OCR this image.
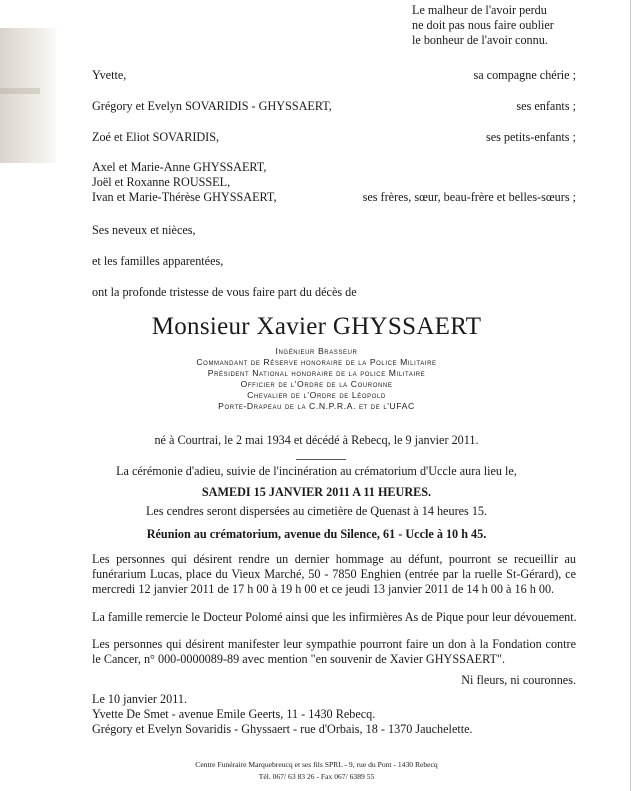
Le malheur de l'avoir perdu
ne doit pas nous faire oublier
le bonheur de l'avoir connu.
Yvette,	sa compagne chérie ;
Grégory et Evelyn SOVARIDIS - GHYSSAERT,	ses enfants ;
Zoé et Eliot SOVARIDIS,	ses petits-enfants ;
Axel et Marie-Anne GHYSSAERT,
Joël et Roxanne ROUSSEL,
Ivan et Marie-Thérèse GHYSSAERT,	ses frères, sœur, beau-frère et belles-sœurs ;
Ses neveux et nièces,
et les familles apparentées,
ont la profonde tristesse de vous faire part du décès de
Monsieur Xavier GHYSSAERT
Ingénieur Brasseur
Commandant de Réserve honoraire de la Police Militaire
Président National honoraire de la police Militaire
Officier de l'Ordre de la Couronne
Chevalier de l'Ordre de Léopold
Porte-Drapeau de la C.N.P.R.A. et de l'UFAC
né à Courtrai, le 2 mai 1934 et décédé à Rebecq, le 9 janvier 2011.
La cérémonie d'adieu, suivie de l'incinération au crématorium d'Uccle aura lieu le,
SAMEDI 15 JANVIER 2011 A 11 HEURES.
Les cendres seront dispersées au cimetière de Quenast à 14 heures 15.
Réunion au crématorium, avenue du Silence, 61 - Uccle à 10 h 45.
Les personnes qui désirent rendre un dernier hommage au défunt, pourront se recueillir au funérarium Lucas, place du Vieux Marché, 50 - 7850 Enghien (entrée par la ruelle St-Gérard), ce mercredi 12 janvier 2011 de 17 h 00 à 19 h 00 et ce jeudi 13 janvier 2011 de 14 h 00 à 16 h 00.
La famille remercie le Docteur Polomé ainsi que les infirmières As de Pique pour leur dévouement.
Les personnes qui désirent manifester leur sympathie pourront faire un don à la Fondation contre le Cancer, n° 000-0000089-89 avec mention "en souvenir de Xavier GHYSSAERT".
Ni fleurs, ni couronnes.
Le 10 janvier 2011.
Yvette De Smet - avenue Emile Geerts, 11 - 1430 Rebecq.
Grégory et Evelyn Sovaridis - Ghyssaert - rue d'Orbais, 18 - 1370 Jauchelette.
Centre Funéraire Marquebreucq et ses fils SPRL - 9, rue du Pont - 1430 Rebecq
Tél. 067/ 63 83 26 - Fax 067/ 6389 55
